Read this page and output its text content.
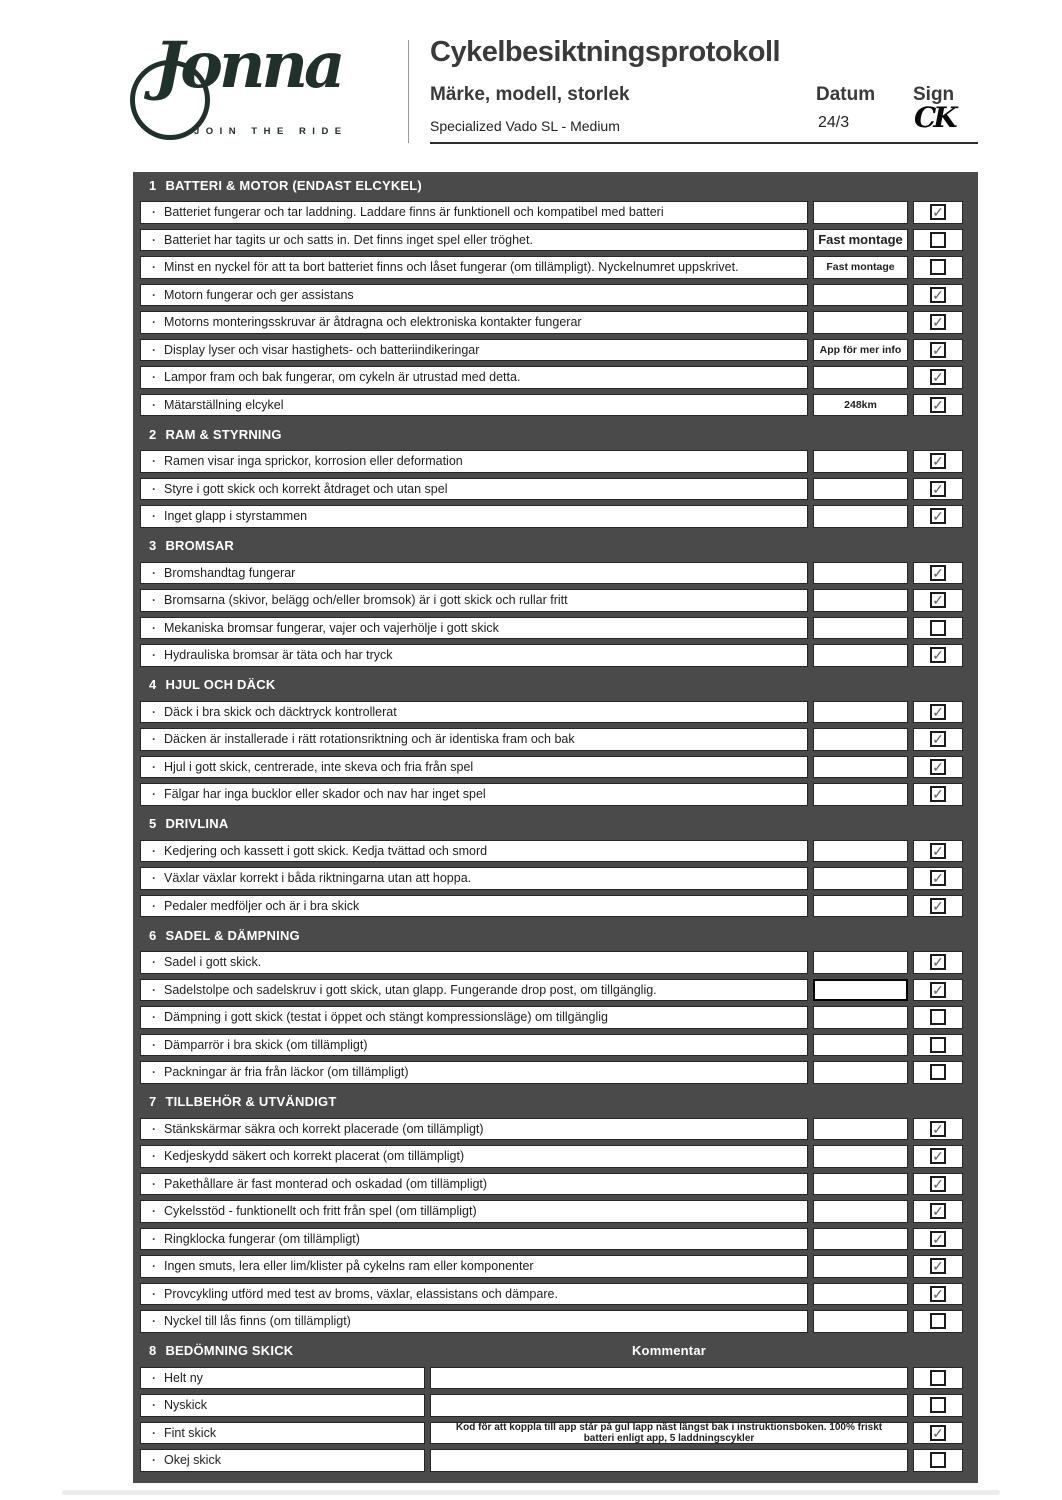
Jonna
JOIN THE RIDE
Cykelbesiktningsprotokoll
Märke, modell, storlek	Datum Sign
Specialized Vado SL - Medium	24/3 CK
1 BATTERI & MOTOR (ENDAST ELCYKEL)
· Batteriet fungerar och tar laddning. Laddare finns är funktionell och kompatibel med batteri	✓
· Batteriet har tagits ur och satts in. Det finns inget spel eller tröghet.	Fast montage
· Minst en nyckel för att ta bort batteriet finns och låset fungerar (om tillämpligt). Nyckelnumret uppskrivet.	Fast montage
· Motorn fungerar och ger assistans	✓
· Motorns monteringsskruvar är åtdragna och elektroniska kontakter fungerar	✓
· Display lyser och visar hastighets- och batteriindikeringar	App för mer info ✓
· Lampor fram och bak fungerar, om cykeln är utrustad med detta.	✓
· Mätarställning elcykel	248km	✓
2 RAM & STYRNING
· Ramen visar inga sprickor, korrosion eller deformation	✓
· Styre i gott skick och korrekt åtdraget och utan spel	✓
· Inget glapp i styrstammen	✓
3 BROMSAR
· Bromshandtag fungerar	✓
· Bromsarna (skivor, belägg och/eller bromsok) är i gott skick och rullar fritt	✓
· Mekaniska bromsar fungerar, vajer och vajerhölje i gott skick
· Hydrauliska bromsar är täta och har tryck	✓
4 HJUL OCH DÄCK
· Däck i bra skick och däcktryck kontrollerat	✓
· Däcken är installerade i rätt rotationsriktning och är identiska fram och bak	✓
· Hjul i gott skick, centrerade, inte skeva och fria från spel	✓
· Fälgar har inga bucklor eller skador och nav har inget spel	✓
5 DRIVLINA
· Kedjering och kassett i gott skick. Kedja tvättad och smord	✓
· Växlar växlar korrekt i båda riktningarna utan att hoppa.	✓
· Pedaler medföljer och är i bra skick	✓
6 SADEL & DÄMPNING
· Sadel i gott skick.	✓
· Sadelstolpe och sadelskruv i gott skick, utan glapp. Fungerande drop post, om tillgänglig.	✓
· Dämpning i gott skick (testat i öppet och stängt kompressionsläge) om tillgänglig
· Dämparrör i bra skick (om tillämpligt)
· Packningar är fria från läckor (om tillämpligt)
7 TILLBEHÖR & UTVÄNDIGT
· Stänkskärmar säkra och korrekt placerade (om tillämpligt)	✓
· Kedjeskydd säkert och korrekt placerat (om tillämpligt)	✓
· Pakethållare är fast monterad och oskadad (om tillämpligt)	✓
· Cykelsstöd - funktionellt och fritt från spel (om tillämpligt)	✓
· Ringklocka fungerar (om tillämpligt)	✓
· Ingen smuts, lera eller lim/klister på cykelns ram eller komponenter	✓
· Provcykling utförd med test av broms, växlar, elassistans och dämpare.	✓
· Nyckel till lås finns (om tillämpligt)
8 BEDÖMNING SKICK	Kommentar
· Helt ny
· Nyskick
· Fint skick	Kod för att koppla till app står på gul lapp näst längst bak i instruktionsboken. 100% friskt batteri enligt app, 5 laddningscykler	✓
· Okej skick
